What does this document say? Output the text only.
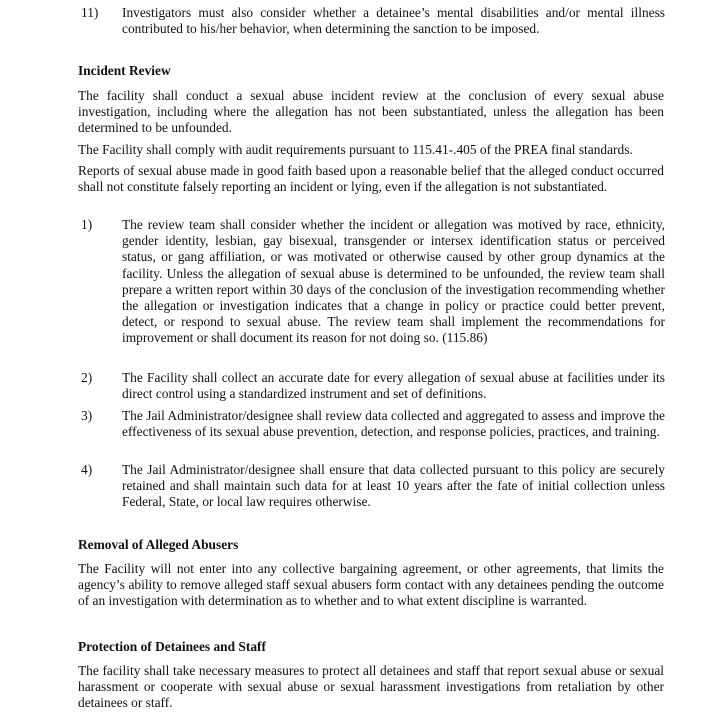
11)	Investigators must also consider whether a detainee’s mental disabilities and/or mental illness contributed to his/her behavior, when determining the sanction to be imposed.
Incident Review
The facility shall conduct a sexual abuse incident review at the conclusion of every sexual abuse investigation, including where the allegation has not been substantiated, unless the allegation has been determined to be unfounded.
The Facility shall comply with audit requirements pursuant to 115.41-.405 of the PREA final standards.
Reports of sexual abuse made in good faith based upon a reasonable belief that the alleged conduct occurred shall not constitute falsely reporting an incident or lying, even if the allegation is not substantiated.
1)	The review team shall consider whether the incident or allegation was motived by race, ethnicity, gender identity, lesbian, gay bisexual, transgender or intersex identification status or perceived status, or gang affiliation, or was motivated or otherwise caused by other group dynamics at the facility. Unless the allegation of sexual abuse is determined to be unfounded, the review team shall prepare a written report within 30 days of the conclusion of the investigation recommending whether the allegation or investigation indicates that a change in policy or practice could better prevent, detect, or respond to sexual abuse. The review team shall implement the recommendations for improvement or shall document its reason for not doing so. (115.86)
2)	The Facility shall collect an accurate date for every allegation of sexual abuse at facilities under its direct control using a standardized instrument and set of definitions.
3)	The Jail Administrator/designee shall review data collected and aggregated to assess and improve the effectiveness of its sexual abuse prevention, detection, and response policies, practices, and training.
4)	The Jail Administrator/designee shall ensure that data collected pursuant to this policy are securely retained and shall maintain such data for at least 10 years after the fate of initial collection unless Federal, State, or local law requires otherwise.
Removal of Alleged Abusers
The Facility will not enter into any collective bargaining agreement, or other agreements, that limits the agency’s ability to remove alleged staff sexual abusers form contact with any detainees pending the outcome of an investigation with determination as to whether and to what extent discipline is warranted.
Protection of Detainees and Staff
The facility shall take necessary measures to protect all detainees and staff that report sexual abuse or sexual harassment or cooperate with sexual abuse or sexual harassment investigations from retaliation by other detainees or staff.
